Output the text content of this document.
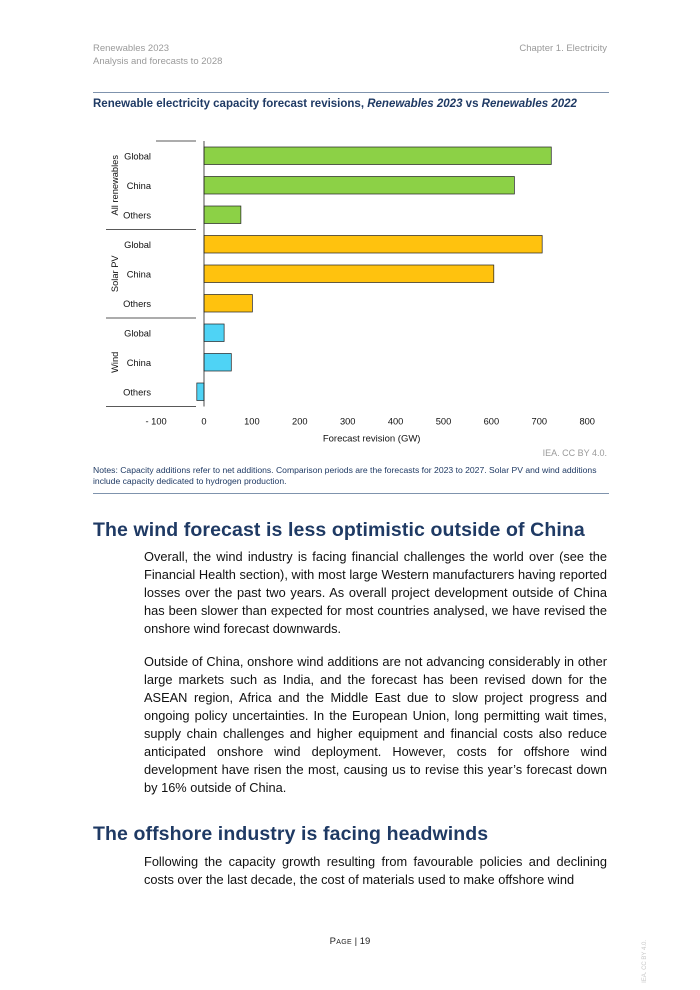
Renewables 2023
Analysis and forecasts to 2028
Chapter 1. Electricity
Renewable electricity capacity forecast revisions, Renewables 2023 vs Renewables 2022
Global
China
Others
All renewables
Global
China
Others
Solar PV
Global
China
Others
Wind
- 100	0	100	200	300	400	500	600	700	800
Forecast revision (GW)
IEA. CC BY 4.0.
Notes: Capacity additions refer to net additions. Comparison periods are the forecasts for 2023 to 2027. Solar PV and wind additions include capacity dedicated to hydrogen production.
The wind forecast is less optimistic outside of China

Overall, the wind industry is facing financial challenges the world over (see the Financial Health section), with most large Western manufacturers having reported losses over the past two years. As overall project development outside of China has been slower than expected for most countries analysed, we have revised the onshore wind forecast downwards.

Outside of China, onshore wind additions are not advancing considerably in other large markets such as India, and the forecast has been revised down for the ASEAN region, Africa and the Middle East due to slow project progress and ongoing policy uncertainties. In the European Union, long permitting wait times, supply chain challenges and higher equipment and financial costs also reduce anticipated onshore wind deployment. However, costs for offshore wind development have risen the most, causing us to revise this year’s forecast down by 16% outside of China.

The offshore industry is facing headwinds

Following the capacity growth resulting from favourable policies and declining costs over the last decade, the cost of materials used to make offshore wind

Page | 19	IEA. CC BY 4.0.
